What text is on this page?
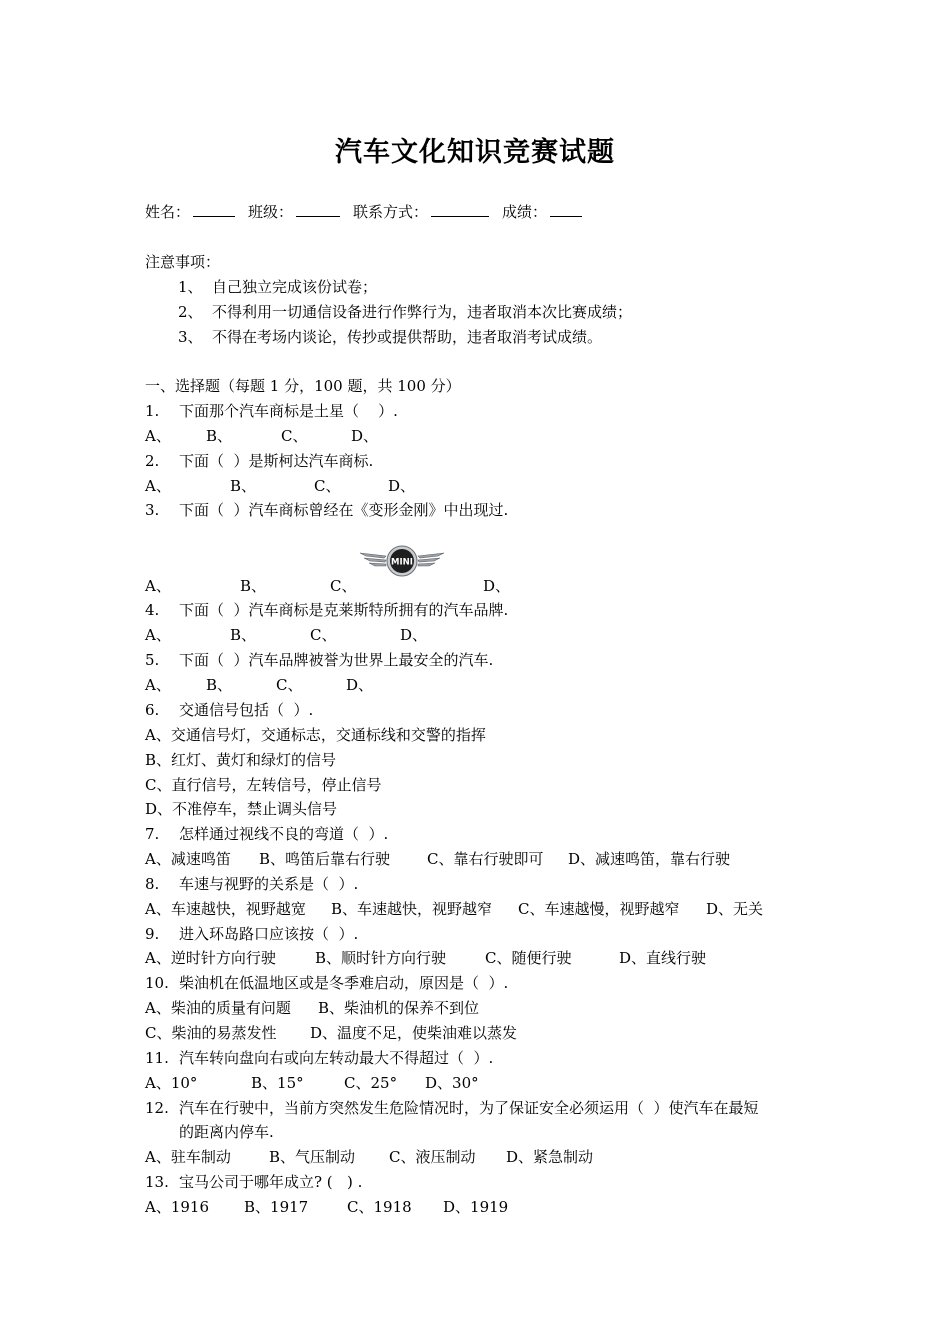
汽车文化知识竞赛试题
姓名：	班级：	联系方式：	成绩：
注意事项：
1、 自己独立完成该份试卷；
2、 不得利用一切通信设备进行作弊行为，违者取消本次比赛成绩；
3、 不得在考场内谈论，传抄或提供帮助，违者取消考试成绩。
一、选择题（每题 1 分，100 题，共 100 分）
1. 下面那个汽车商标是土星（    ）.
A、 B、	C、	D、
2. 下面（  ）是斯柯达汽车商标.
A、	B、	C、	D、
3. 下面（  ）汽车商标曾经在《变形金刚》中出现过.
MINI
A、	B、	C、	D、
4. 下面（  ）汽车商标是克莱斯特所拥有的汽车品牌.
A、	B、	C、	D、
5. 下面（  ）汽车品牌被誉为世界上最安全的汽车.
A、 B、	C、	D、
6. 交通信号包括（  ）.
A、交通信号灯，交通标志，交通标线和交警的指挥
B、红灯、黄灯和绿灯的信号
C、直行信号，左转信号，停止信号
D、不准停车，禁止调头信号
7. 怎样通过视线不良的弯道（  ）.
A、减速鸣笛 B、鸣笛后靠右行驶 C、靠右行驶即可 D、减速鸣笛，靠右行驶
8. 车速与视野的关系是（  ）.
A、车速越快，视野越宽 B、车速越快，视野越窄 C、车速越慢，视野越窄 D、无关
9. 进入环岛路口应该按（  ）.
A、逆时针方向行驶	B、顺时针方向行驶	C、随便行驶	D、直线行驶
10. 柴油机在低温地区或是冬季难启动，原因是（  ）.
A、柴油的质量有问题 B、柴油机的保养不到位
C、柴油的易蒸发性 D、温度不足，使柴油难以蒸发
11. 汽车转向盘向右或向左转动最大不得超过（  ）.
A、10°	B、15°	C、25° D、30°
12. 汽车在行驶中，当前方突然发生危险情况时，为了保证安全必须运用（  ）使汽车在最短
的距离内停车.
A、驻车制动	B、气压制动 C、液压制动 D、紧急制动
13. 宝马公司于哪年成立? (   ) .
A、1916 B、1917	C、1918 D、1919
